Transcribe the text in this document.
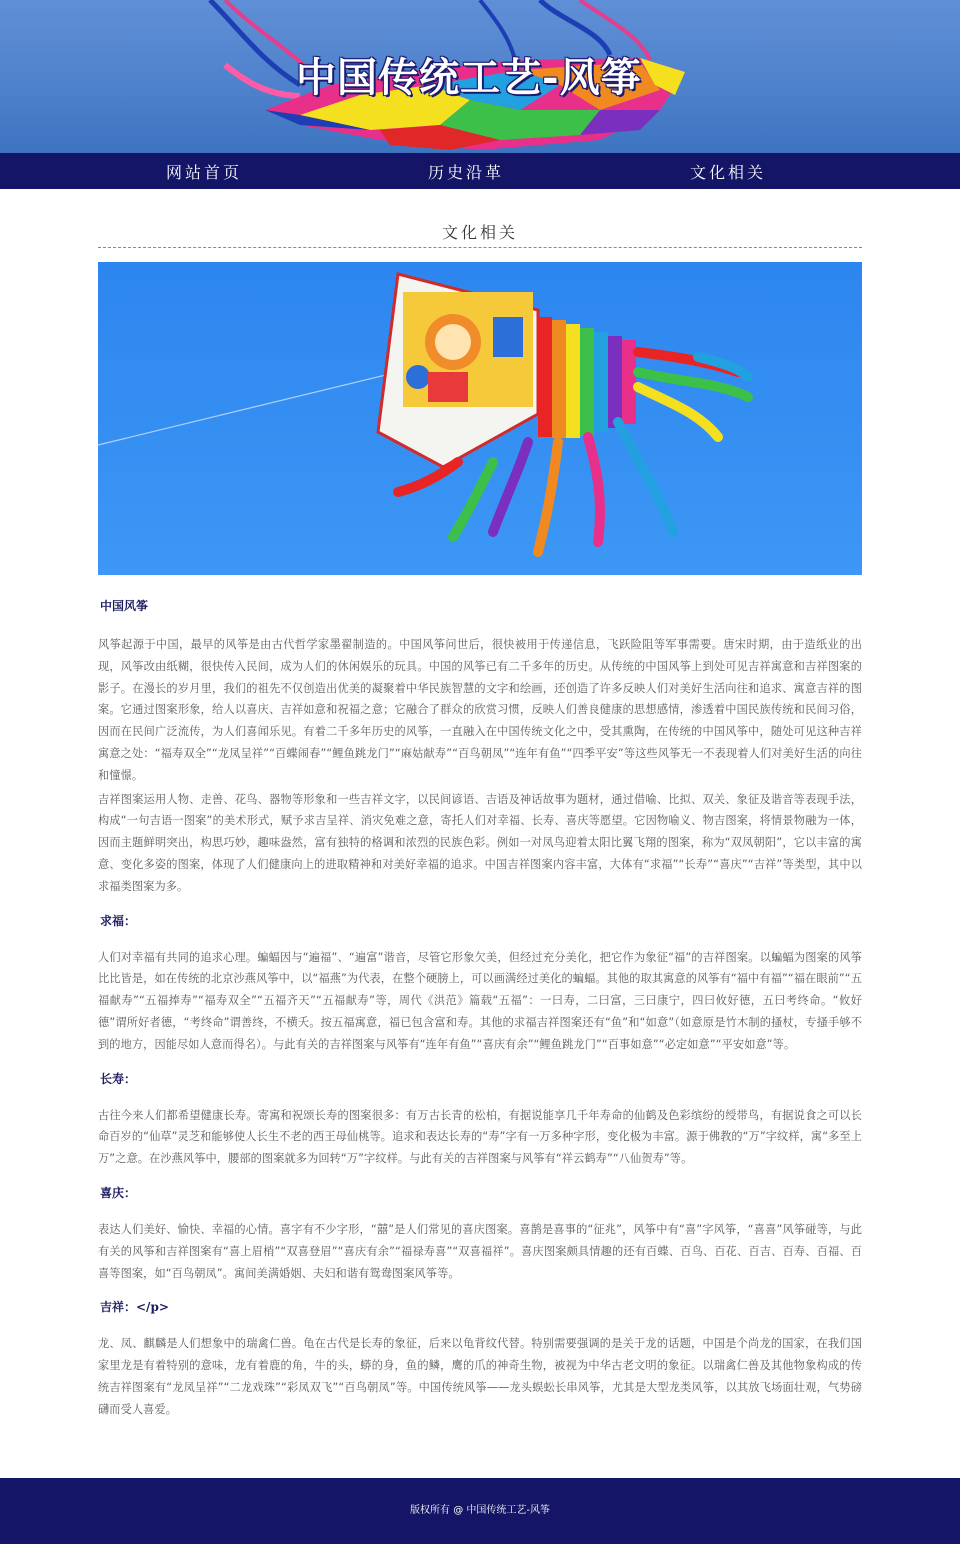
中国传统工艺-风筝
网站首页	历史沿革	文化相关
文化相关
中国风筝

风筝起源于中国，最早的风筝是由古代哲学家墨翟制造的。中国风筝问世后，很快被用于传递信息，飞跃险阻等军事需要。唐宋时期，由于造纸业的出现，风筝改由纸糊，很快传入民间，成为人们的休闲娱乐的玩具。中国的风筝已有二千多年的历史。从传统的中国风筝上到处可见吉祥寓意和吉祥图案的影子。在漫长的岁月里，我们的祖先不仅创造出优美的凝聚着中华民族智慧的文字和绘画，还创造了许多反映人们对美好生活向往和追求、寓意吉祥的图案。它通过图案形象，给人以喜庆、吉祥如意和祝福之意；它融合了群众的欣赏习惯，反映人们善良健康的思想感情，渗透着中国民族传统和民间习俗，因而在民间广泛流传，为人们喜闻乐见。有着二千多年历史的风筝，一直融入在中国传统文化之中，受其熏陶，在传统的中国风筝中，随处可见这种吉祥寓意之处：“福寿双全”“龙凤呈祥”“百蝶闹春”“鲤鱼跳龙门”“麻姑献寿”“百鸟朝凤”“连年有鱼”“四季平安”等这些风筝无一不表现着人们对美好生活的向往和憧憬。

吉祥图案运用人物、走兽、花鸟、器物等形象和一些吉祥文字，以民间谚语、吉语及神话故事为题材，通过借喻、比拟、双关、象征及谐音等表现手法，构成“一句吉语一图案”的美术形式，赋予求吉呈祥、消灾免难之意，寄托人们对幸福、长寿、喜庆等愿望。它因物喻义、物吉图案，将情景物融为一体，因而主题鲜明突出，构思巧妙，趣味盎然，富有独特的格调和浓烈的民族色彩。例如一对凤鸟迎着太阳比翼飞翔的图案，称为“双凤朝阳”，它以丰富的寓意、变化多姿的图案，体现了人们健康向上的进取精神和对美好幸福的追求。中国吉祥图案内容丰富，大体有“求福”“长寿”“喜庆”“吉祥”等类型，其中以求福类图案为多。

求福：

人们对幸福有共同的追求心理。蝙蝠因与“遍福”、“遍富”谐音，尽管它形象欠美，但经过充分美化，把它作为象征“福”的吉祥图案。以蝙蝠为图案的风筝比比皆是，如在传统的北京沙燕风筝中，以“福燕”为代表，在整个硬膀上，可以画满经过美化的蝙蝠。其他的取其寓意的风筝有“福中有福”“福在眼前”“五福献寿”“五福捧寿”“福寿双全”“五福齐天”“五福献寿”等，周代《洪范》篇载“五福”：一曰寿，二曰富，三曰康宁，四曰攸好德，五曰考终命。“攸好德”谓所好者德，“考终命”谓善终，不横夭。按五福寓意，福已包含富和寿。其他的求福吉祥图案还有“鱼”和“如意”（如意原是竹木制的搔杖，专搔手够不到的地方，因能尽如人意而得名）。与此有关的吉祥图案与风筝有“连年有鱼”“喜庆有余”“鲤鱼跳龙门”“百事如意”“必定如意”“平安如意”等。

长寿：

古往今来人们都希望健康长寿。寄寓和祝颂长寿的图案很多：有万古长青的松柏，有据说能享几千年寿命的仙鹤及色彩缤纷的绶带鸟，有据说食之可以长命百岁的“仙草”灵芝和能够使人长生不老的西王母仙桃等。追求和表达长寿的“寿”字有一万多种字形，变化极为丰富。源于佛教的“万”字纹样，寓“多至上万”之意。在沙燕风筝中，腰部的图案就多为回转“万”字纹样。与此有关的吉祥图案与风筝有“祥云鹤寿”“八仙贺寿”等。

喜庆：

表达人们美好、愉快、幸福的心情。喜字有不少字形，“囍”是人们常见的喜庆图案。喜鹊是喜事的“征兆”，风筝中有“喜”字风筝，“喜喜”风筝碰等，与此有关的风筝和吉祥图案有“喜上眉梢”“双喜登眉”“喜庆有余”“福禄寿喜”“双喜福祥”。喜庆图案颇具情趣的还有百蝶、百鸟、百花、百吉、百寿、百福、百喜等图案，如“百鸟朝凤”。寓间美满婚姻、夫妇和谐有鸳鸯图案风筝等。

吉祥：</p>

龙、凤、麒麟是人们想象中的瑞禽仁兽。龟在古代是长寿的象征，后来以龟背纹代替。特别需要强调的是关于龙的话题，中国是个尚龙的国家，在我们国家里龙是有着特别的意味，龙有着鹿的角，牛的头，蟒的身，鱼的鳞，鹰的爪的神奇生物，被视为中华古老文明的象征。以瑞禽仁兽及其他物象构成的传统吉祥图案有“龙凤呈祥”“二龙戏珠”“彩凤双飞”“百鸟朝凤”等。中国传统风筝——龙头蜈蚣长串风筝，尤其是大型龙类风筝，以其放飞场面壮观，气势磅礴而受人喜爱。

版权所有 @ 中国传统工艺-风筝
